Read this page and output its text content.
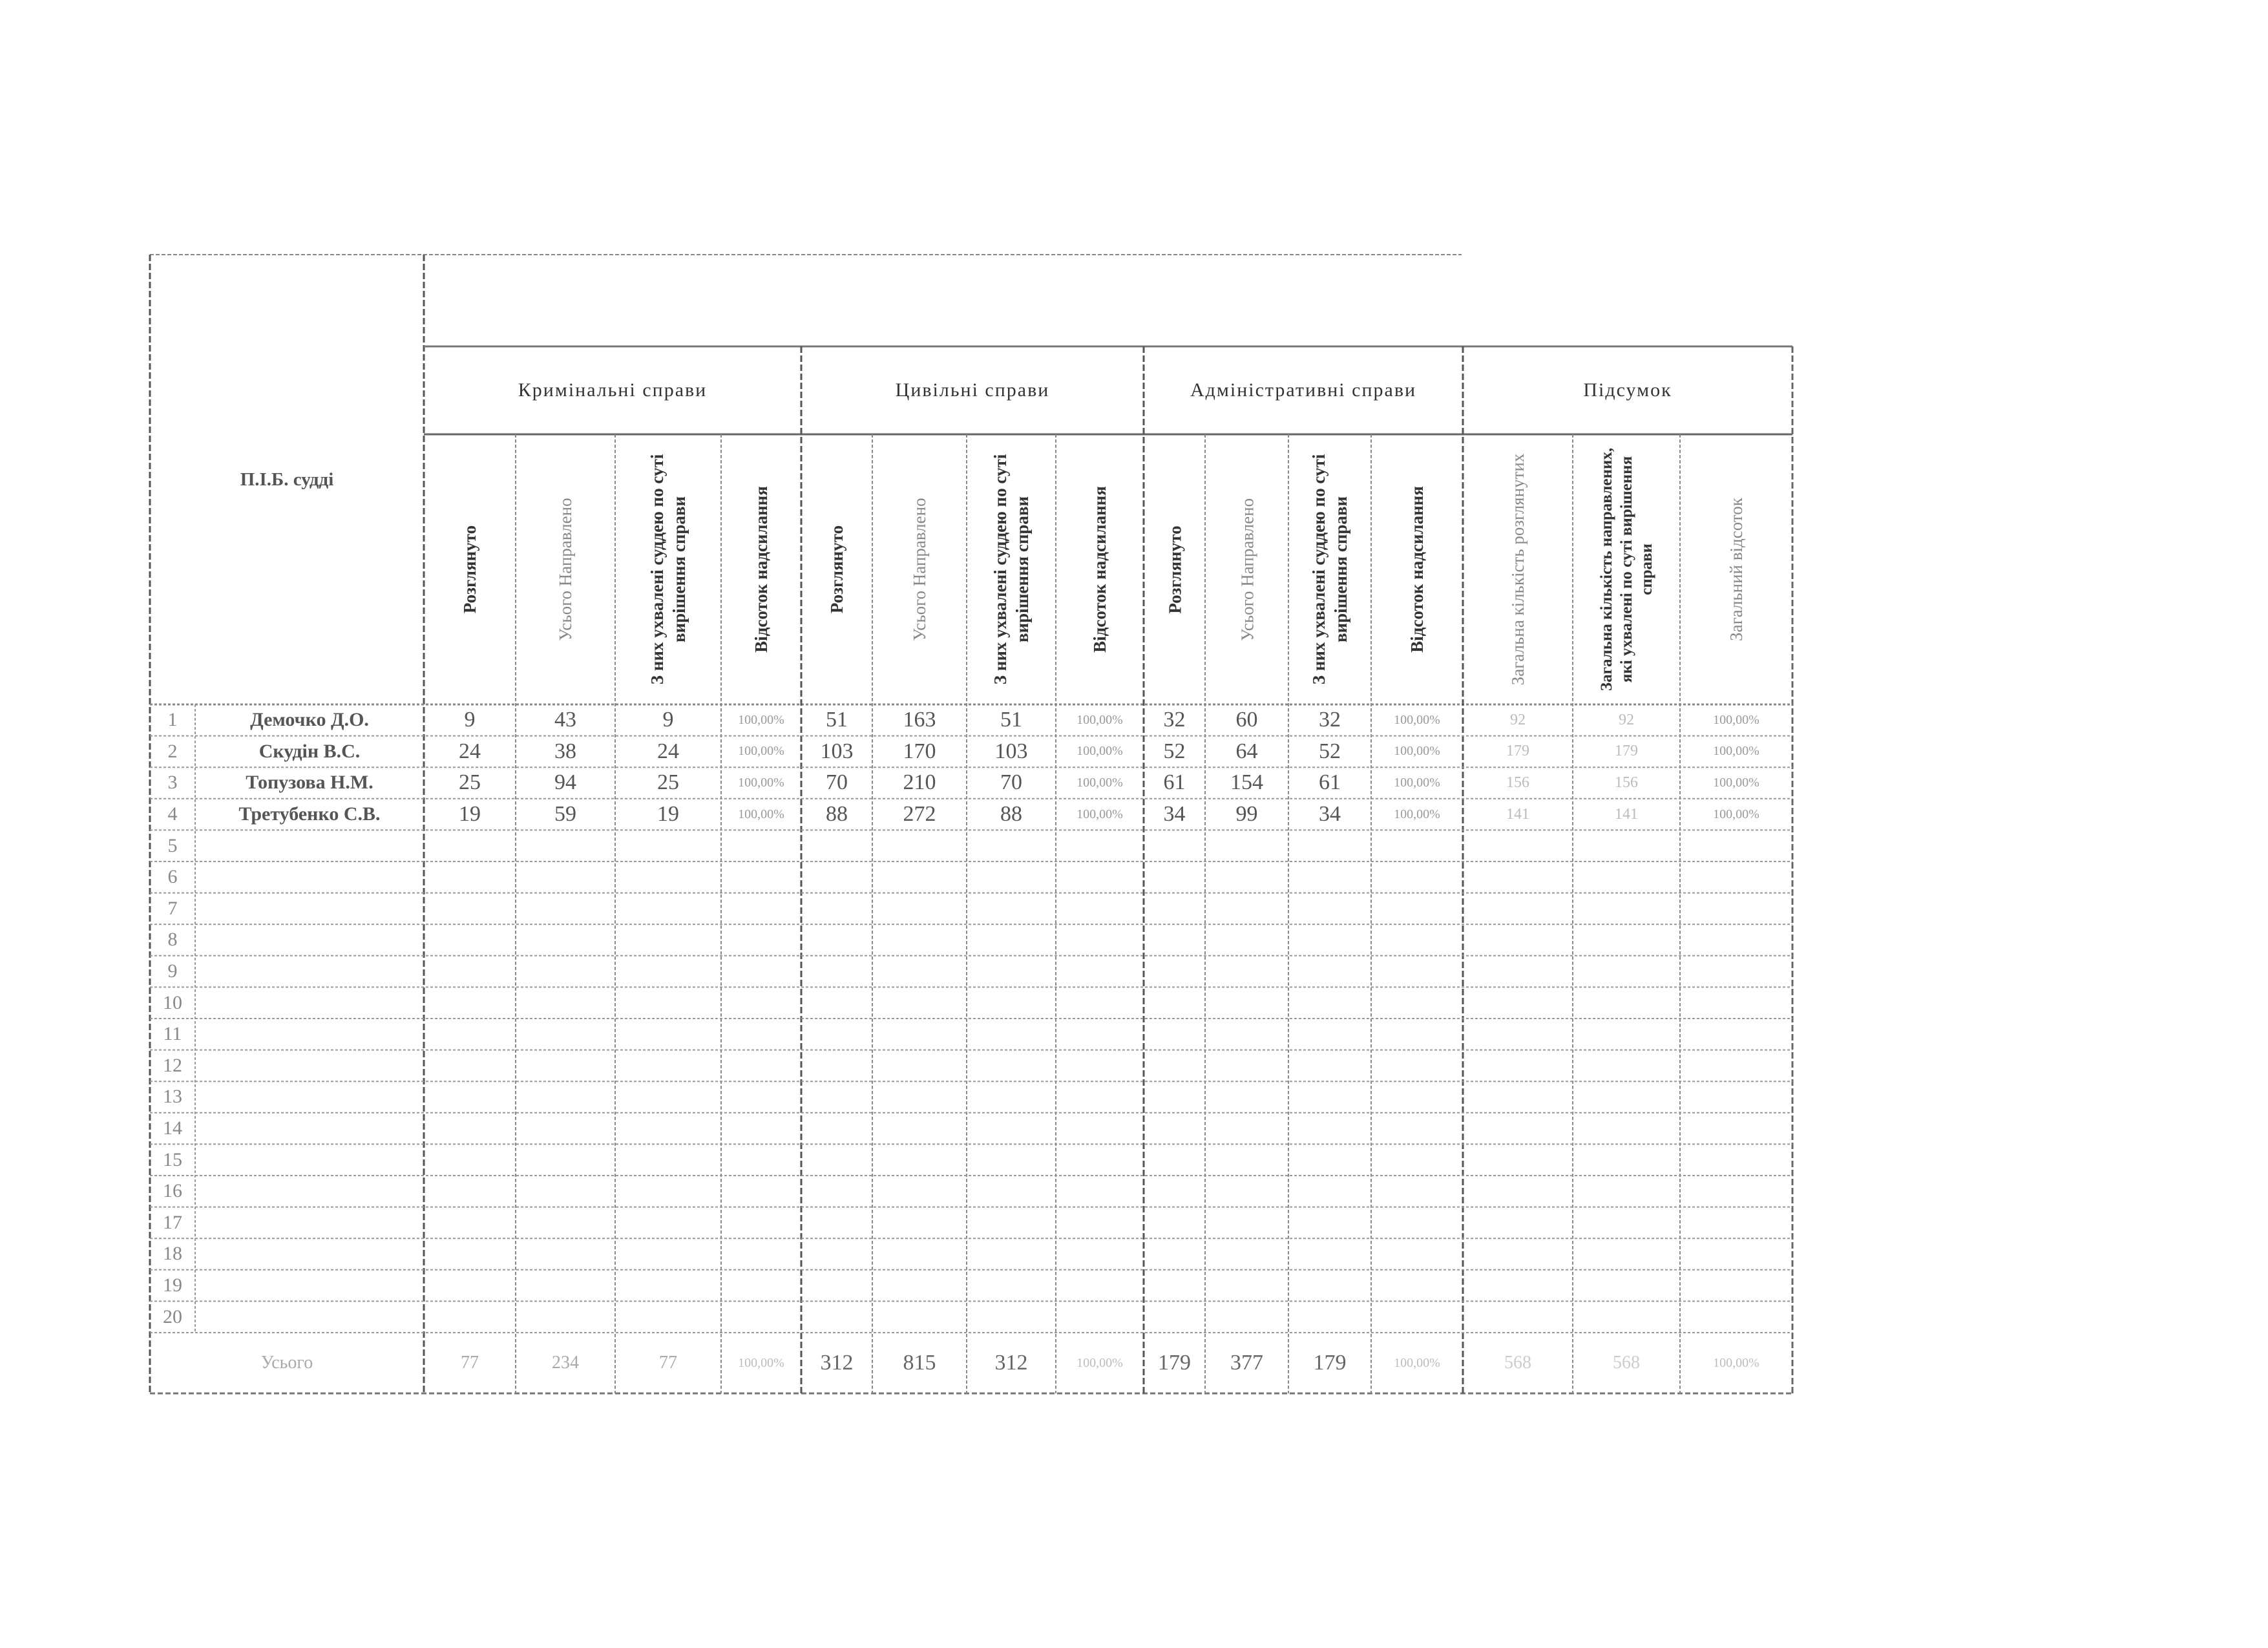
П.І.Б. судді
Кримінальні справи	Цивільні справи	Адміністративні справи	Підсумок
Розглянуто	Усього Направлено	З них ухвалені суддею по суті вирішення справи	Відсоток надсилання	Розглянуто	Усього Направлено	З них ухвалені суддею по суті вирішення справи	Відсоток надсилання	Розглянуто	Усього Направлено	З них ухвалені суддею по суті вирішення справи	Відсоток надсилання	Загальна кількість розглянутих	Загальна кількість направлених, які ухвалені по суті вирішення справи	Загальний відсоток
1	Демочко Д.О.	9	43	9	100,00%	51	163	51	100,00%	32	60	32	100,00%	92	92	100,00%
2	Скудін В.С.	24	38	24	100,00%	103	170	103	100,00%	52	64	52	100,00%	179	179	100,00%
3	Топузова Н.М.	25	94	25	100,00%	70	210	70	100,00%	61	154	61	100,00%	156	156	100,00%
4	Третубенко С.В.	19	59	19	100,00%	88	272	88	100,00%	34	99	34	100,00%	141	141	100,00%
5
6
7
8
9
10
11
12
13
14
15
16
17
18
19
20
Усього	77	234	77	100,00%	312	815	312	100,00%	179	377	179	100,00%	568	568	100,00%
